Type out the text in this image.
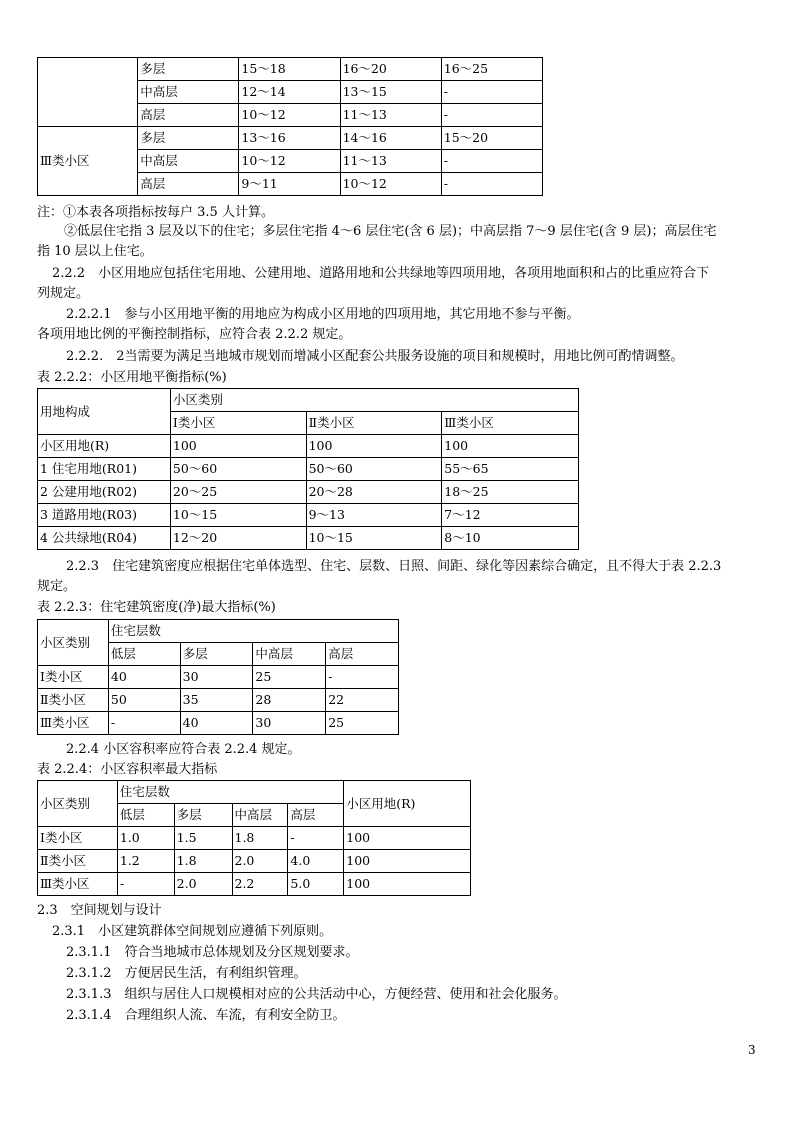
	多层	15～18	16～20	16～25
	中高层	12～14	13～15	-
	高层	10～12	11～13	-
Ⅲ类小区	多层	13～16	14～16	15～20
	中高层	10～12	11～13	-
	高层	9～11	10～12	-
注：①本表各项指标按每户 3.5 人计算。
②低层住宅指 3 层及以下的住宅；多层住宅指 4～6 层住宅(含 6 层)；中高层指 7～9 层住宅(含 9 层)；高层住宅
指 10 层以上住宅。
2.2.2　小区用地应包括住宅用地、公建用地、道路用地和公共绿地等四项用地，各项用地面积和占的比重应符合下
列规定。
2.2.2.1　参与小区用地平衡的用地应为构成小区用地的四项用地，其它用地不参与平衡。
各项用地比例的平衡控制指标，应符合表 2.2.2 规定。
2.2.2.　2当需要为满足当地城市规划而增减小区配套公共服务设施的项目和规模时，用地比例可酌情调整。
表 2.2.2：小区用地平衡指标(%)
用地构成	小区类别		
	Ⅰ类小区	Ⅱ类小区	Ⅲ类小区
小区用地(R)	100	100	100
1 住宅用地(R01)	50～60	50～60	55～65
2 公建用地(R02)	20～25	20～28	18～25
3 道路用地(R03)	10～15	9～13	7～12
4 公共绿地(R04)	12～20	10～15	8～10
2.2.3　住宅建筑密度应根据住宅单体选型、住宅、层数、日照、间距、绿化等因素综合确定，且不得大于表 2.2.3
规定。
表 2.2.3：住宅建筑密度(净)最大指标(%)
小区类别	住宅层数			
	低层	多层	中高层	高层
Ⅰ类小区	40	30	25	-
Ⅱ类小区	50	35	28	22
Ⅲ类小区	-	40	30	25
2.2.4 小区容积率应符合表 2.2.4 规定。
表 2.2.4：小区容积率最大指标
小区类别	住宅层数				小区用地(R)
	低层	多层	中高层	高层	
Ⅰ类小区	1.0	1.5	1.8	-	100
Ⅱ类小区	1.2	1.8	2.0	4.0	100
Ⅲ类小区	-	2.0	2.2	5.0	100
2.3　空间规划与设计
2.3.1　小区建筑群体空间规划应遵循下列原则。
2.3.1.1　符合当地城市总体规划及分区规划要求。
2.3.1.2　方便居民生活，有利组织管理。
2.3.1.3　组织与居住人口规模相对应的公共活动中心，方便经营、使用和社会化服务。
2.3.1.4　合理组织人流、车流，有利安全防卫。
3
